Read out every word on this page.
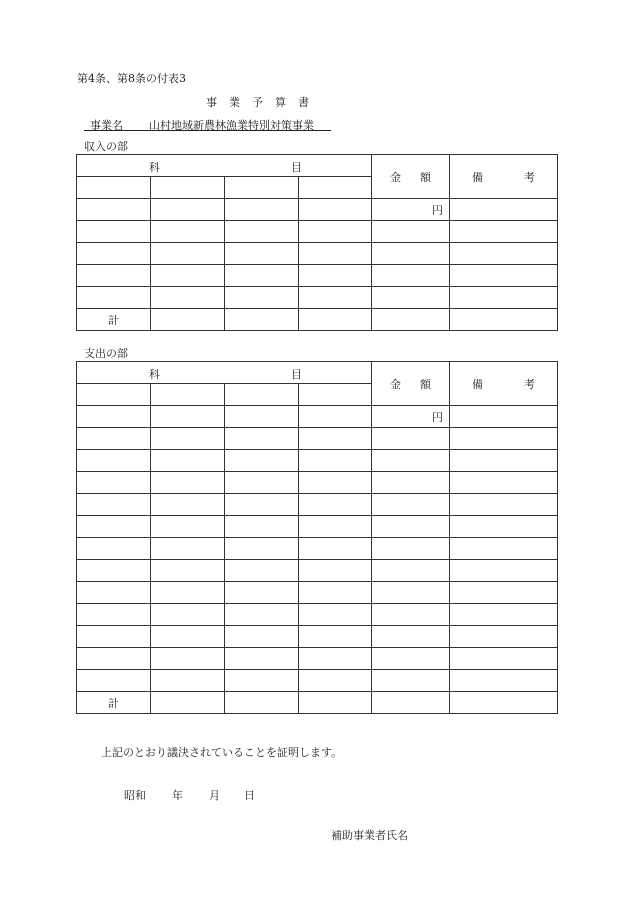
第4条、第8条の付表3
事業予算書
事業名 山村地域新農林漁業特別対策事業
収入の部
科 目				金 額	備 考

				円	

計					
支出の部
科 目				金 額	備 考

				円	

計					
上記のとおり議決されていることを証明します。
昭和 年 月 日
補助事業者氏名
